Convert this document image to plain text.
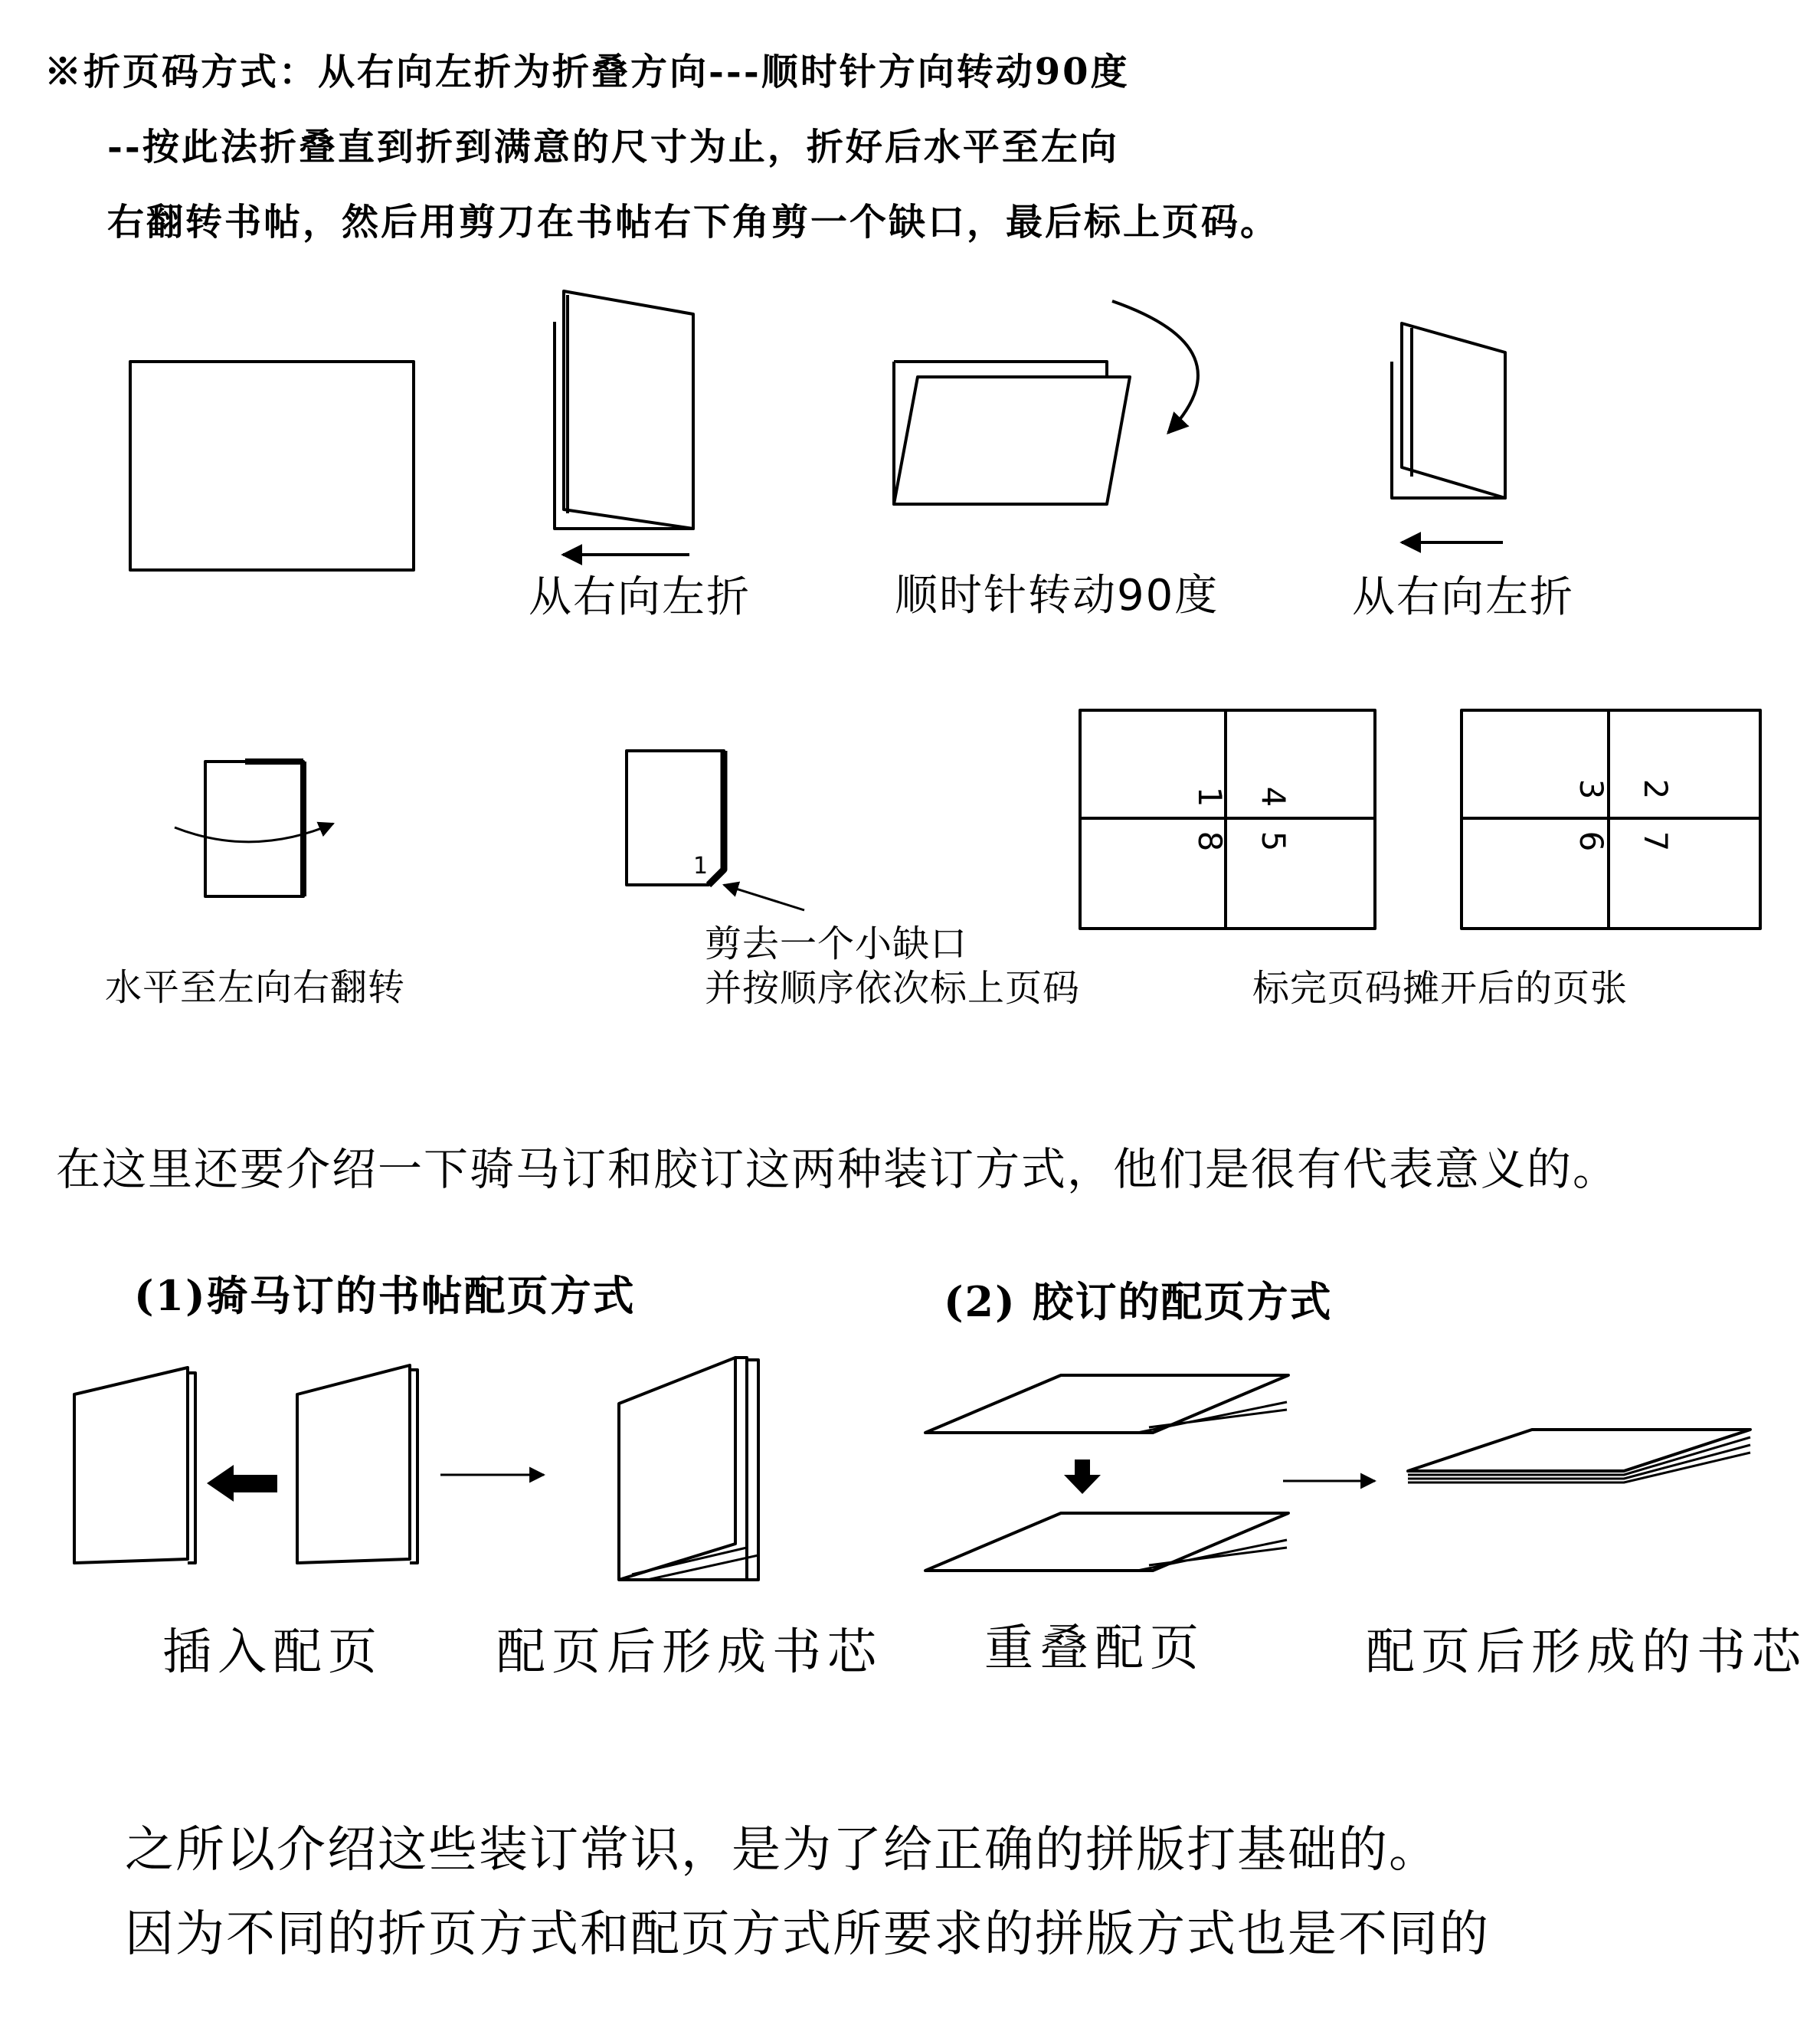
※折页码方式：从右向左折为折叠方向---顺时针方向转动90度
--按此法折叠直到折到满意的尺寸为止，折好后水平至左向
右翻转书帖，然后用剪刀在书帖右下角剪一个缺口，最后标上页码。
1 4
8 5
3 2
6 7
1
从右向左折	顺时针转动90度	从右向左折
水平至左向右翻转
剪去一个小缺口
并按顺序依次标上页码	标完页码摊开后的页张
在这里还要介绍一下骑马订和胶订这两种装订方式，他们是很有代表意义的。
(1)骑马订的书帖配页方式	(2) 胶订的配页方式
插入配页 配页后形成书芯 重叠配页	配页后形成的书芯
之所以介绍这些装订常识，是为了给正确的拼版打基础的。
因为不同的折页方式和配页方式所要求的拼版方式也是不同的
